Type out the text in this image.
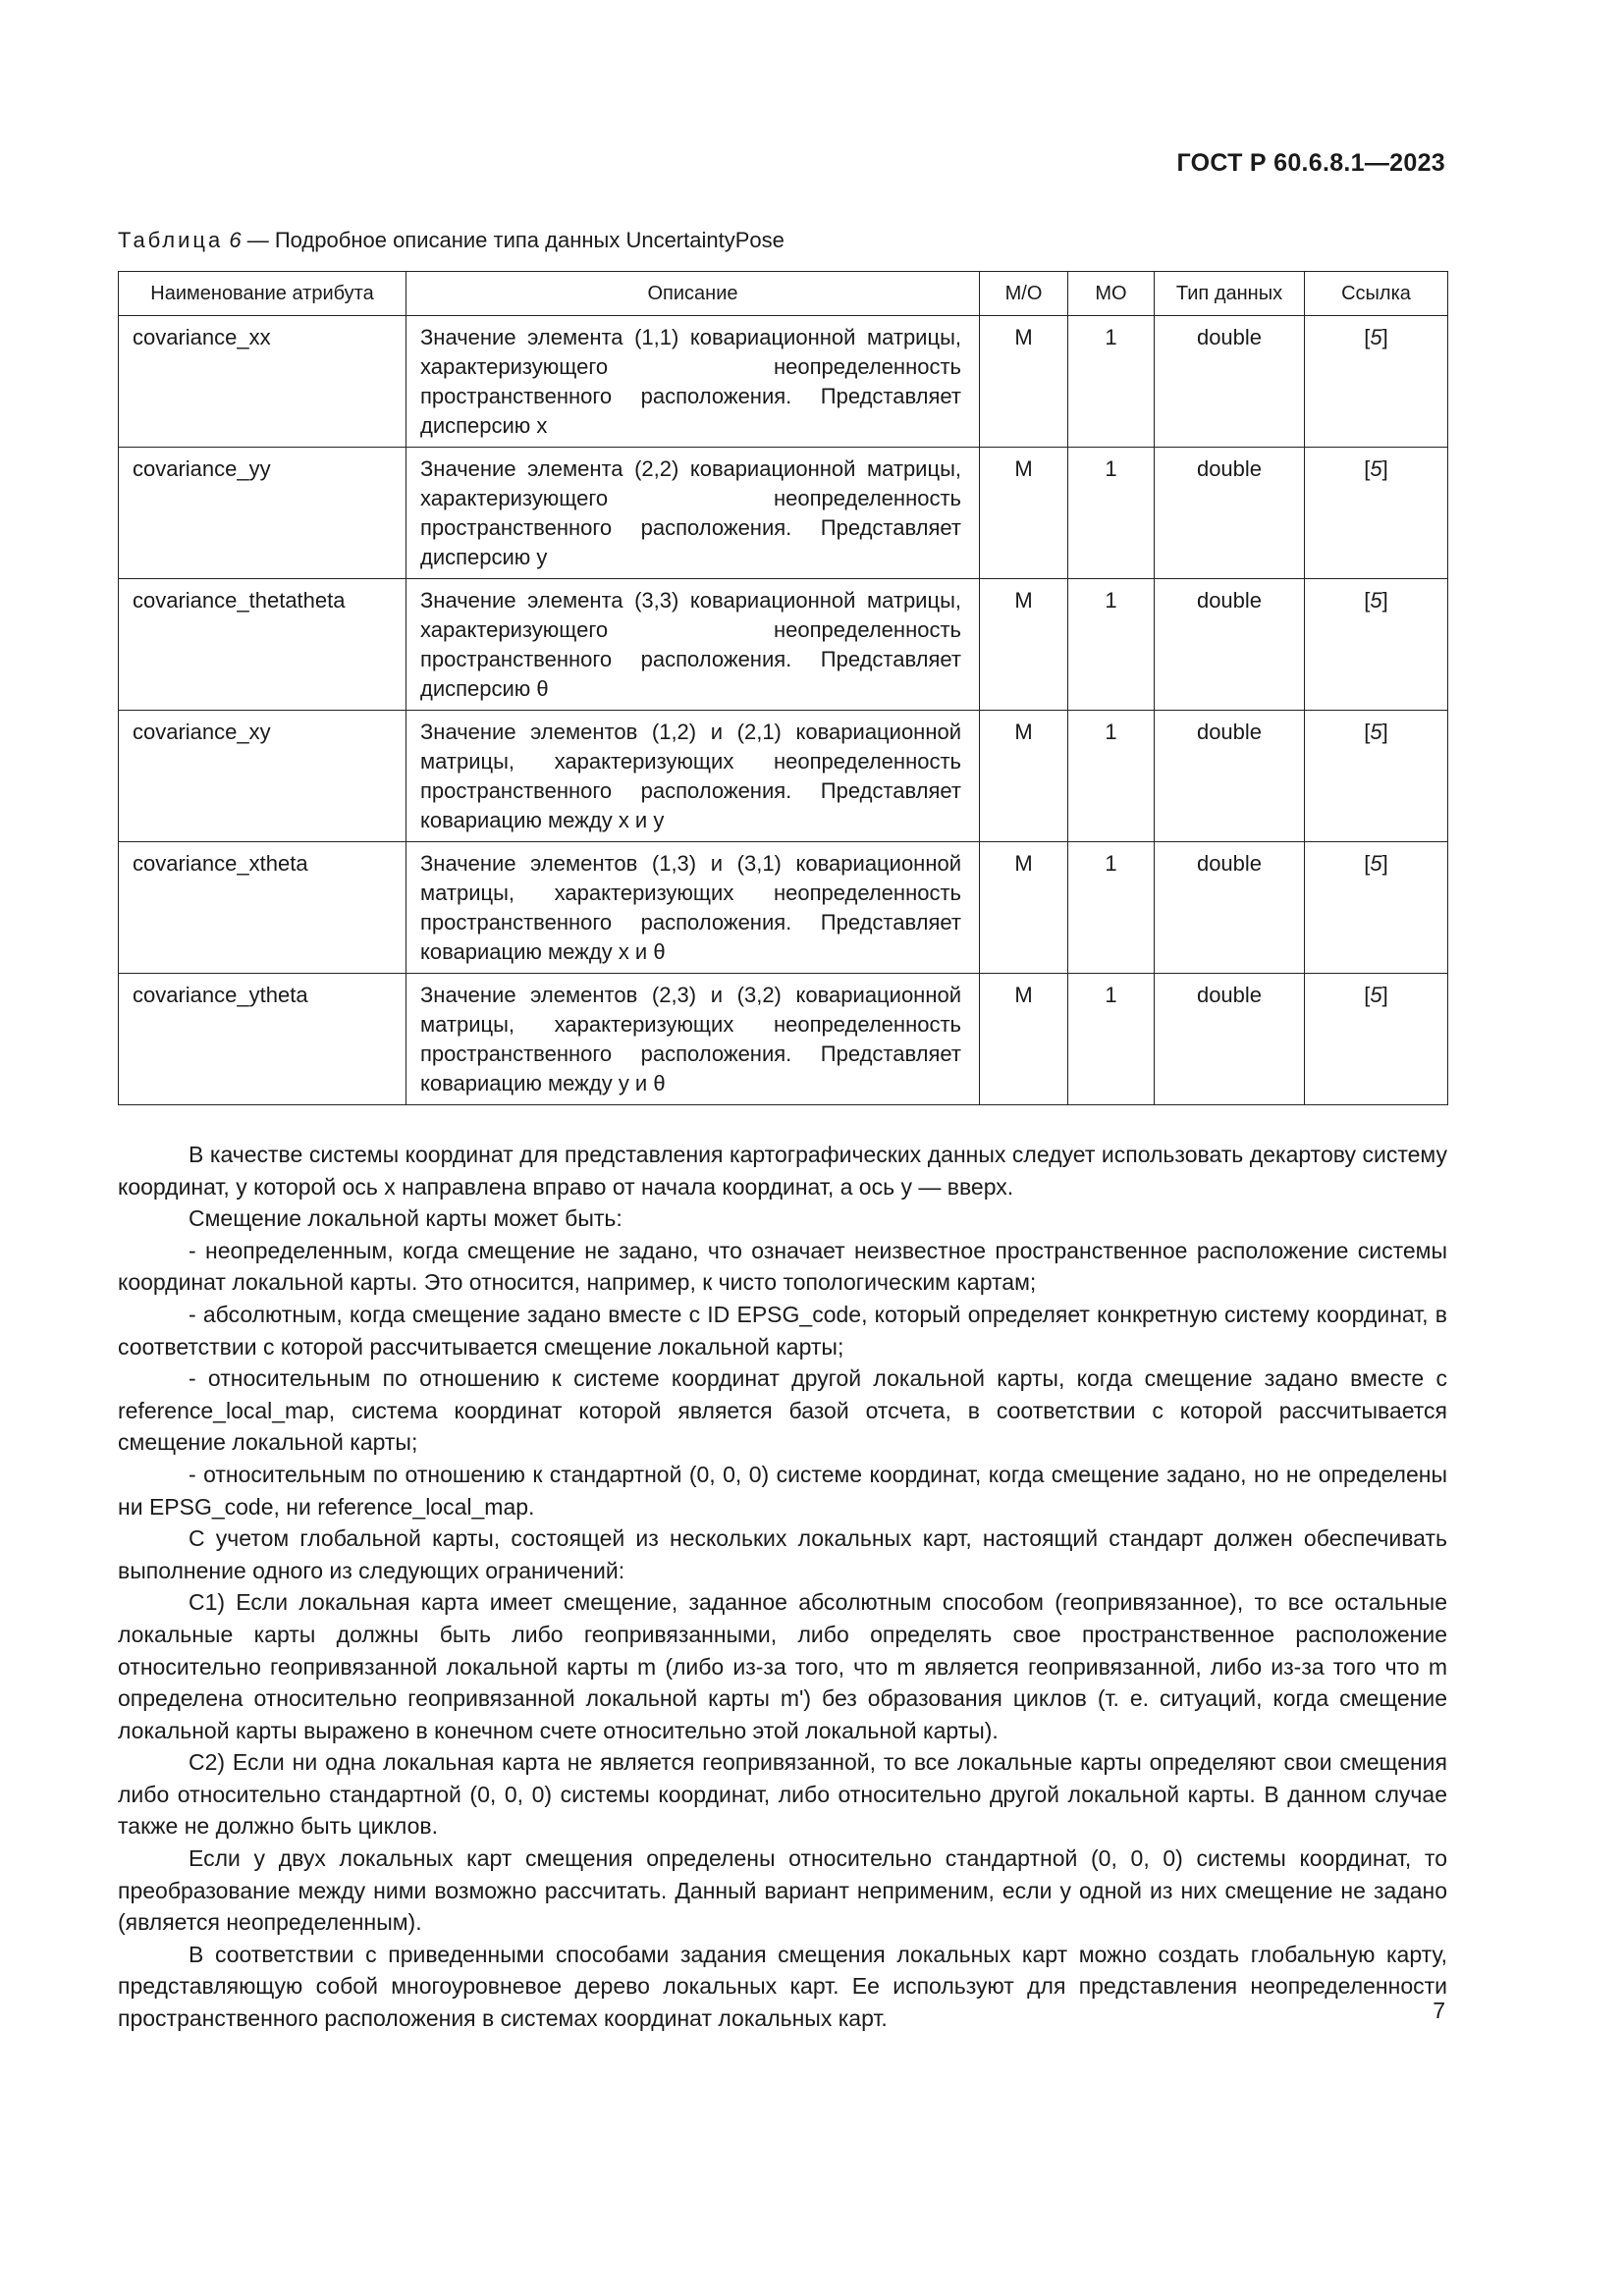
ГОСТ Р 60.6.8.1—2023
Таблица 6 — Подробное описание типа данных UncertaintyPose
Наименование атрибута	Описание	M/O	MO	Тип данных	Ссылка
covariance_xx	Значение элемента (1,1) ковариационной матрицы, характеризующего неопределенность пространственного расположения. Представляет дисперсию x	M	1	double	[5]
covariance_yy	Значение элемента (2,2) ковариационной матрицы, характеризующего неопределенность пространственного расположения. Представляет дисперсию y	M	1	double	[5]
covariance_thetatheta	Значение элемента (3,3) ковариационной матрицы, характеризующего неопределенность пространственного расположения. Представляет дисперсию θ	M	1	double	[5]
covariance_xy	Значение элементов (1,2) и (2,1) ковариационной матрицы, характеризующих неопределенность пространственного расположения. Представляет ковариацию между x и y	M	1	double	[5]
covariance_xtheta	Значение элементов (1,3) и (3,1) ковариационной матрицы, характеризующих неопределенность пространственного расположения. Представляет ковариацию между x и θ	M	1	double	[5]
covariance_ytheta	Значение элементов (2,3) и (3,2) ковариационной матрицы, характеризующих неопределенность пространственного расположения. Представляет ковариацию между y и θ	M	1	double	[5]

В качестве системы координат для представления картографических данных следует использовать декартову систему координат, у которой ось x направлена вправо от начала координат, а ось y — вверх.

Смещение локальной карты может быть:

- неопределенным, когда смещение не задано, что означает неизвестное пространственное расположение системы координат локальной карты. Это относится, например, к чисто топологическим картам;

- абсолютным, когда смещение задано вместе с ID EPSG_code, который определяет конкретную систему координат, в соответствии с которой рассчитывается смещение локальной карты;

- относительным по отношению к системе координат другой локальной карты, когда смещение задано вместе с reference_local_map, система координат которой является базой отсчета, в соответствии с которой рассчитывается смещение локальной карты;

- относительным по отношению к стандартной (0, 0, 0) системе координат, когда смещение задано, но не определены ни EPSG_code, ни reference_local_map.

С учетом глобальной карты, состоящей из нескольких локальных карт, настоящий стандарт должен обеспечивать выполнение одного из следующих ограничений:

C1) Если локальная карта имеет смещение, заданное абсолютным способом (геопривязанное), то все остальные локальные карты должны быть либо геопривязанными, либо определять свое пространственное расположение относительно геопривязанной локальной карты m (либо из-за того, что m является геопривязанной, либо из-за того что m определена относительно геопривязанной локальной карты m') без образования циклов (т. е. ситуаций, когда смещение локальной карты выражено в конечном счете относительно этой локальной карты).

C2) Если ни одна локальная карта не является геопривязанной, то все локальные карты определяют свои смещения либо относительно стандартной (0, 0, 0) системы координат, либо относительно другой локальной карты. В данном случае также не должно быть циклов.

Если у двух локальных карт смещения определены относительно стандартной (0, 0, 0) системы координат, то преобразование между ними возможно рассчитать. Данный вариант неприменим, если у одной из них смещение не задано (является неопределенным).

В соответствии с приведенными способами задания смещения локальных карт можно создать глобальную карту, представляющую собой многоуровневое дерево локальных карт. Ее используют для представления неопределенности пространственного расположения в системах координат локальных карт.	7
